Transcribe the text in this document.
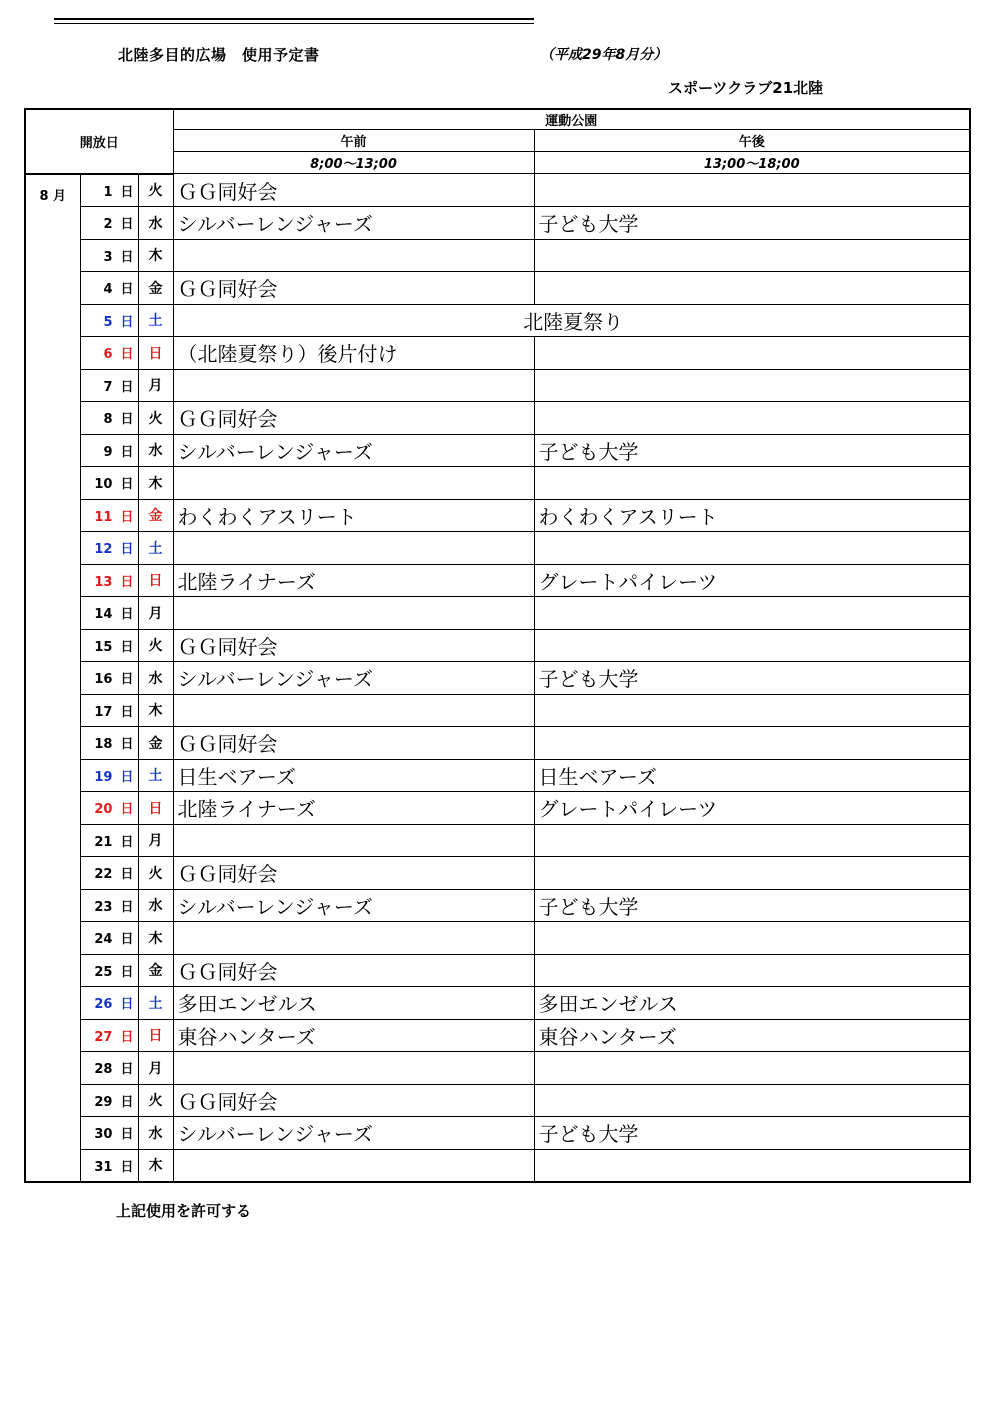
北陸多目的広場　使用予定書	（平成29年8月分）
スポーツクラブ21北陸
開放日			運動公園	
			午前	午後
			8;00～13;00	13;00～18;00
8 月	1 日	火	ＧＧ同好会	
	2 日	水	シルバーレンジャーズ	子ども大学
	3 日	木		
	4 日	金	ＧＧ同好会	
	5 日	土	北陸夏祭り	
	6 日	日	（北陸夏祭り）後片付け	
	7 日	月		
	8 日	火	ＧＧ同好会	
	9 日	水	シルバーレンジャーズ	子ども大学
	10 日	木		
	11 日	金	わくわくアスリート	わくわくアスリート
	12 日	土		
	13 日	日	北陸ライナーズ	グレートパイレーツ
	14 日	月		
	15 日	火	ＧＧ同好会	
	16 日	水	シルバーレンジャーズ	子ども大学
	17 日	木		
	18 日	金	ＧＧ同好会	
	19 日	土	日生ベアーズ	日生ベアーズ
	20 日	日	北陸ライナーズ	グレートパイレーツ
	21 日	月		
	22 日	火	ＧＧ同好会	
	23 日	水	シルバーレンジャーズ	子ども大学
	24 日	木		
	25 日	金	ＧＧ同好会	
	26 日	土	多田エンゼルス	多田エンゼルス
	27 日	日	東谷ハンターズ	東谷ハンターズ
	28 日	月		
	29 日	火	ＧＧ同好会	
	30 日	水	シルバーレンジャーズ	子ども大学
	31 日	木		
上記使用を許可する
